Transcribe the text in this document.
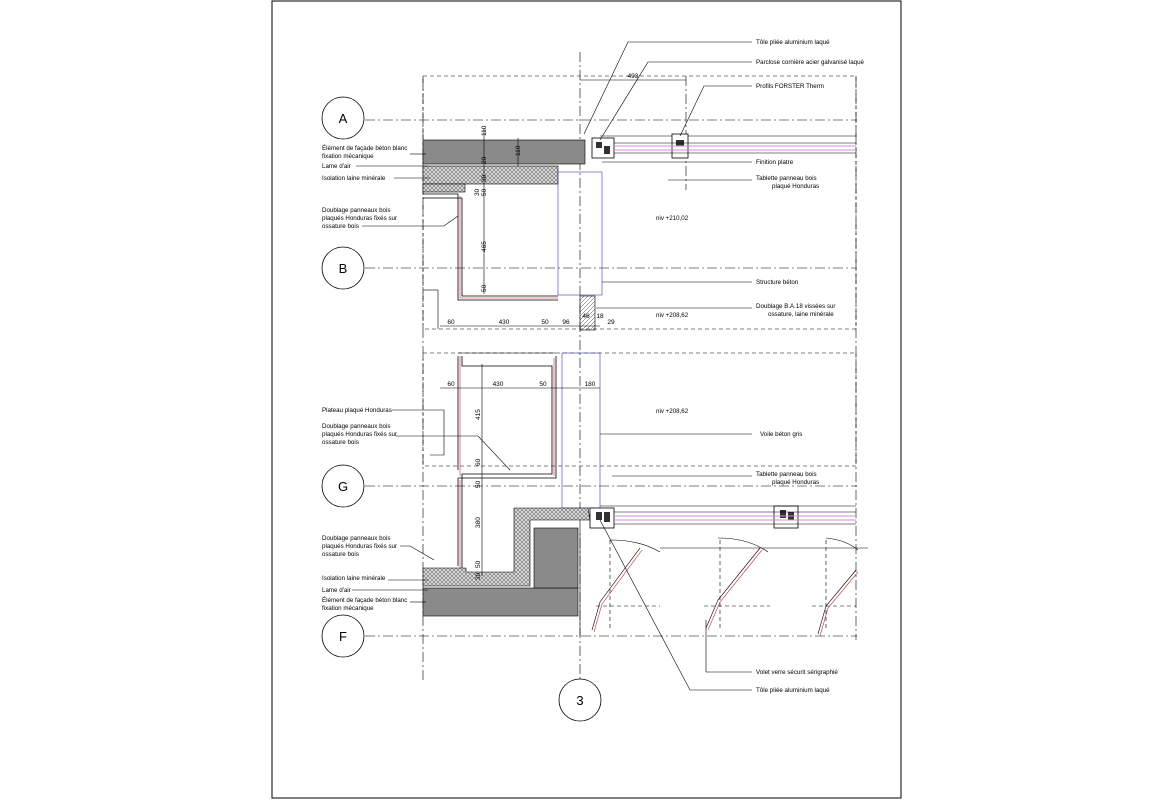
A
B
G
F
3
493
110
110
20
30
50
30
465
50
60	430	50 96
46 18
29
60	430	50	180
415
60
50
380
50
30
niv +210,02
niv +208,62
niv +208,62
Tôle pliée aluminium laqué
Parclose cornière acier galvanisé laqué
Profils FORSTER Therm
Finition platre
Tablette panneau bois
plaqué Honduras
Structure béton
Doublage B.A.18 vissées sur
ossature, laine minérale
Voile béton gris
Tablette panneau bois
plaqué Honduras
Volet verre sécurit sérigraphié
Tôle pliée aluminium laqué
Élément de façade béton blanc
fixation mécanique
Lame d'air
Isolation laine minérale
Doublage panneaux bois
plaqués Honduras fixés sur
ossature bois
Plateau plaqué Honduras
Doublage panneaux bois
plaqués Honduras fixés sur
ossature bois
Doublage panneaux bois
plaqués Honduras fixés sur
ossature bois
Isolation laine minérale
Lame d'air
Élément de façade béton blanc
fixation mécanique
